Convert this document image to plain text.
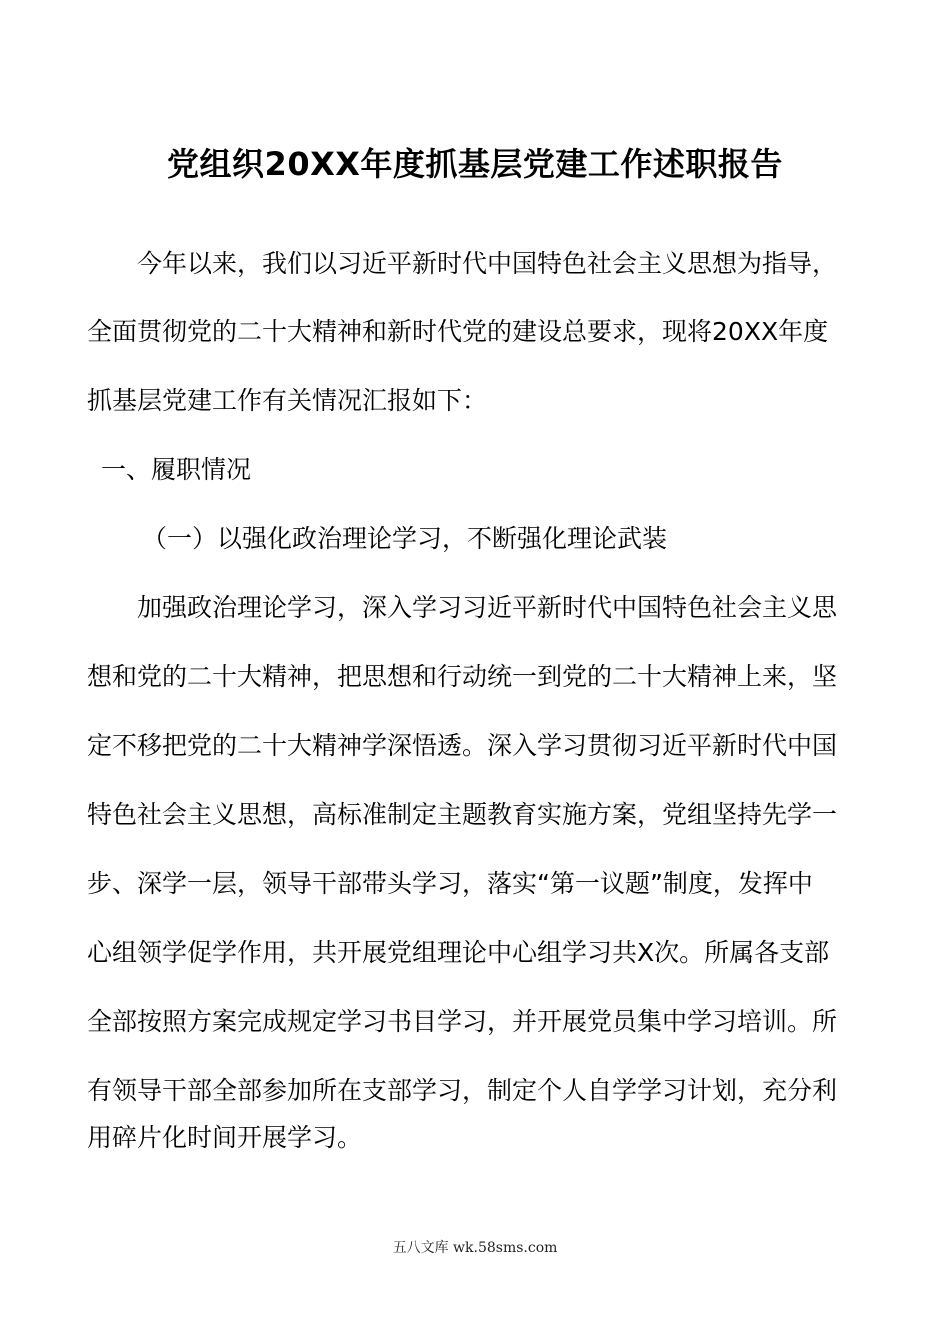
党组织20XX年度抓基层党建工作述职报告
今年以来，我们以习近平新时代中国特色社会主义思想为指导，
全面贯彻党的二十大精神和新时代党的建设总要求，现将20XX年度
抓基层党建工作有关情况汇报如下：
一、履职情况
（一）以强化政治理论学习，不断强化理论武装
加强政治理论学习，深入学习习近平新时代中国特色社会主义思
想和党的二十大精神，把思想和行动统一到党的二十大精神上来，坚
定不移把党的二十大精神学深悟透。深入学习贯彻习近平新时代中国
特色社会主义思想，高标准制定主题教育实施方案，党组坚持先学一
步、深学一层，领导干部带头学习，落实“第一议题”制度，发挥中
心组领学促学作用，共开展党组理论中心组学习共X次。所属各支部
全部按照方案完成规定学习书目学习，并开展党员集中学习培训。所
有领导干部全部参加所在支部学习，制定个人自学学习计划，充分利
用碎片化时间开展学习。
五八文库 wk.58sms.com
